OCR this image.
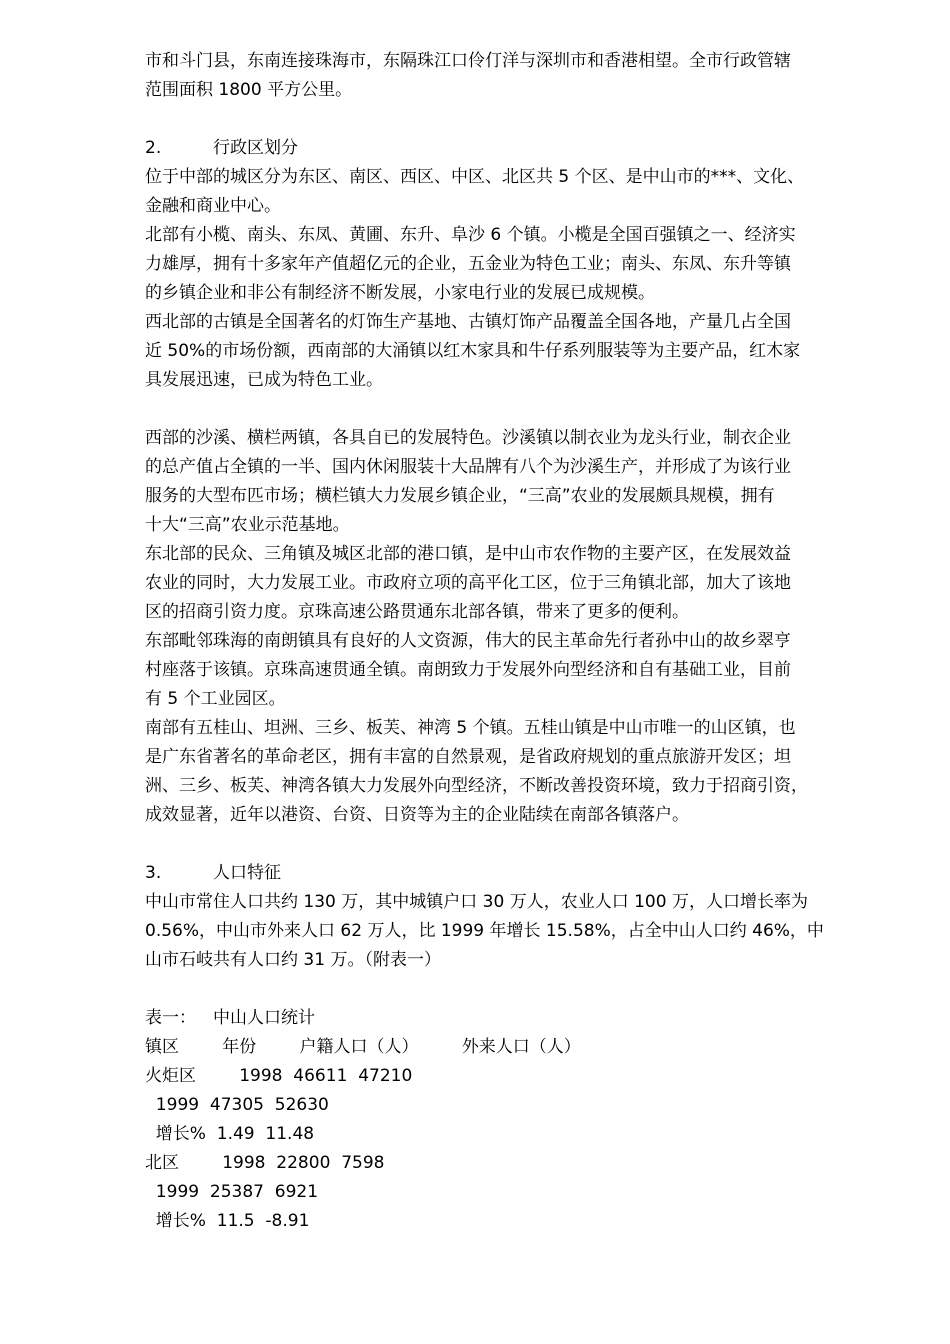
市和斗门县，东南连接珠海市，东隔珠江口伶仃洋与深圳市和香港相望。全市行政管辖

范围面积 1800 平方公里。

2.	行政区划分

位于中部的城区分为东区、南区、西区、中区、北区共 5 个区、是中山市的***、文化、

金融和商业中心。

北部有小榄、南头、东凤、黄圃、东升、阜沙 6 个镇。小榄是全国百强镇之一、经济实

力雄厚，拥有十多家年产值超亿元的企业，五金业为特色工业；南头、东凤、东升等镇

的乡镇企业和非公有制经济不断发展，小家电行业的发展已成规模。

西北部的古镇是全国著名的灯饰生产基地、古镇灯饰产品覆盖全国各地，产量几占全国

近 50%的市场份额，西南部的大涌镇以红木家具和牛仔系列服装等为主要产品，红木家

具发展迅速，已成为特色工业。

西部的沙溪、横栏两镇，各具自已的发展特色。沙溪镇以制衣业为龙头行业，制衣企业

的总产值占全镇的一半、国内休闲服装十大品牌有八个为沙溪生产，并形成了为该行业

服务的大型布匹市场；横栏镇大力发展乡镇企业，“三高”农业的发展颇具规模，拥有

十大“三高”农业示范基地。

东北部的民众、三角镇及城区北部的港口镇，是中山市农作物的主要产区，在发展效益

农业的同时，大力发展工业。市政府立项的高平化工区，位于三角镇北部，加大了该地

区的招商引资力度。京珠高速公路贯通东北部各镇，带来了更多的便利。

东部毗邻珠海的南朗镇具有良好的人文资源，伟大的民主革命先行者孙中山的故乡翠亨

村座落于该镇。京珠高速贯通全镇。南朗致力于发展外向型经济和自有基础工业，目前

有 5 个工业园区。

南部有五桂山、坦洲、三乡、板芙、神湾 5 个镇。五桂山镇是中山市唯一的山区镇，也

是广东省著名的革命老区，拥有丰富的自然景观，是省政府规划的重点旅游开发区；坦

洲、三乡、板芙、神湾各镇大力发展外向型经济，不断改善投资环境，致力于招商引资，

成效显著，近年以港资、台资、日资等为主的企业陆续在南部各镇落户。

3.	人口特征

中山市常住人口共约 130 万，其中城镇户口 30 万人，农业人口 100 万，人口增长率为

0.56%，中山市外来人口 62 万人，比 1999 年增长 15.58%，占全中山人口约 46%，中

山市石岐共有人口约 31 万。（附表一）

表一： 中山人口统计

镇区        年份        户籍人口（人）        外来人口（人）

火炬区        1998  46611  47210

1999  47305  52630

增长%  1.49  11.48

北区        1998  22800  7598

1999  25387  6921

增长%  11.5  -8.91
